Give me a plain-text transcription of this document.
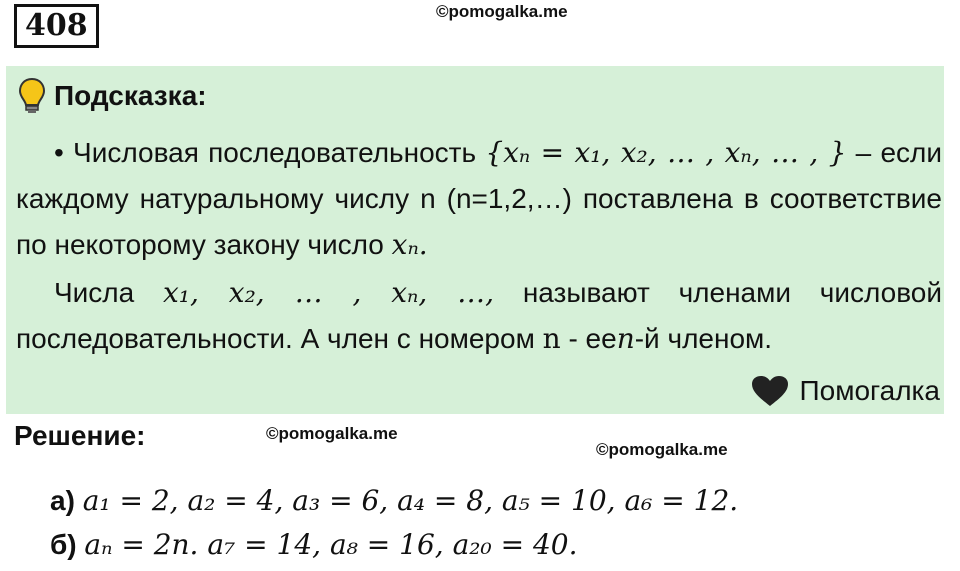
408	©pomogalka.me
Подсказка:
• Числовая последовательность {xₙ = x₁, x₂, … , xₙ, … , } – если каждому натуральному числу n (n=1,2,…) поставлена в соответствие по некоторому закону число xₙ.
Числа x₁, x₂, … , xₙ, …, называют членами числовой последовательности. А член с номером n - ееn-й членом.
Помогалка
Решение:	©pomogalka.me
©pomogalka.me
а) a₁ = 2, a₂ = 4, a₃ = 6, a₄ = 8, a₅ = 10, a₆ = 12.
б) aₙ = 2n. a₇ = 14, a₈ = 16, a₂₀ = 40.
